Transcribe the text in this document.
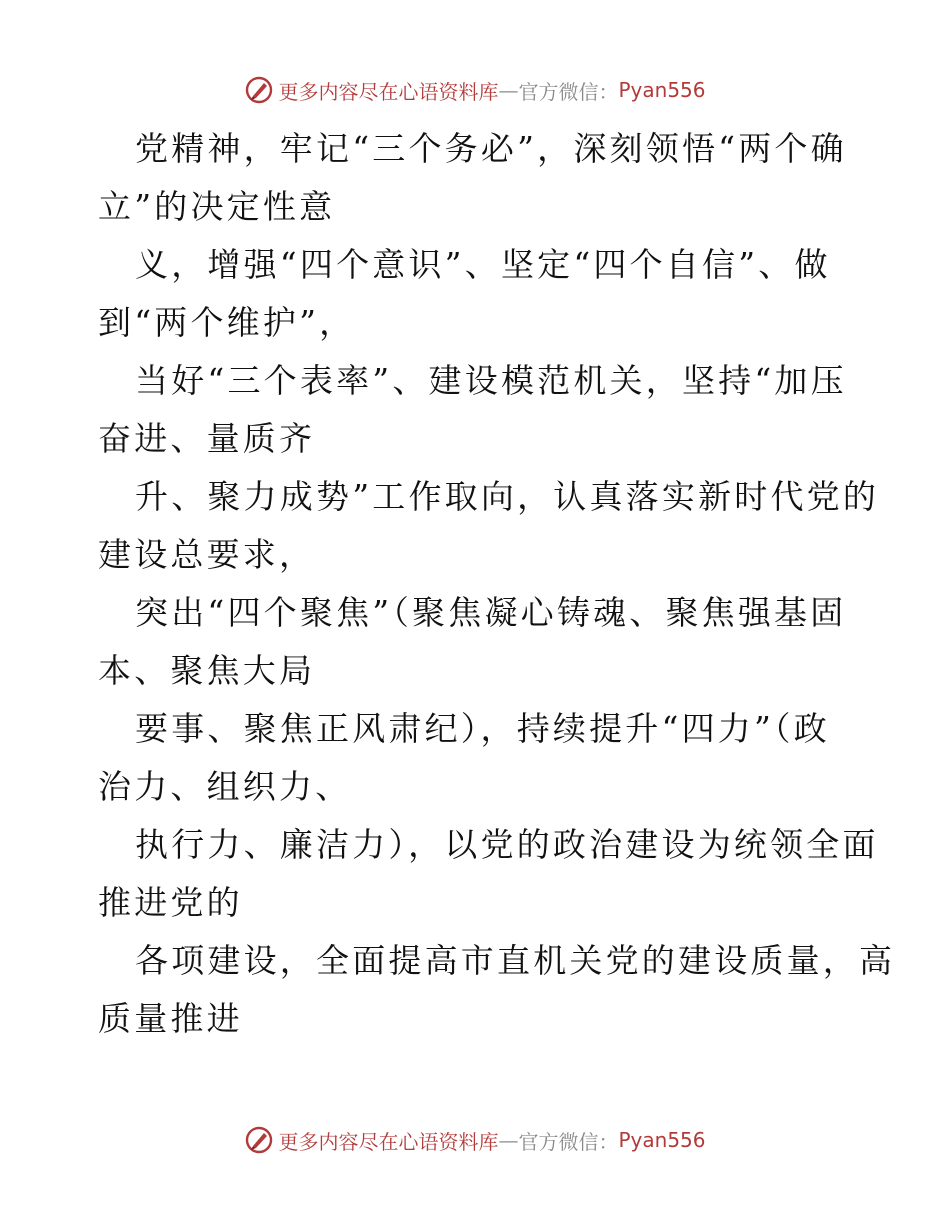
更多内容尽在心语资料库 — 官方微信： Pyan556

党精神，牢记“三个务必”，深刻领悟“两个确
立”的决定性意

义，增强“四个意识”、坚定“四个自信”、做
到“两个维护”，

当好“三个表率”、建设模范机关，坚持“加压
奋进、量质齐

升、聚力成势”工作取向，认真落实新时代党的
建设总要求，

突出“四个聚焦”（聚焦凝心铸魂、聚焦强基固
本、聚焦大局

要事、聚焦正风肃纪），持续提升“四力”（政
治力、组织力、

执行力、廉洁力），以党的政治建设为统领全面
推进党的

各项建设，全面提高市直机关党的建设质量，高
质量推进

更多内容尽在心语资料库 — 官方微信： Pyan556
